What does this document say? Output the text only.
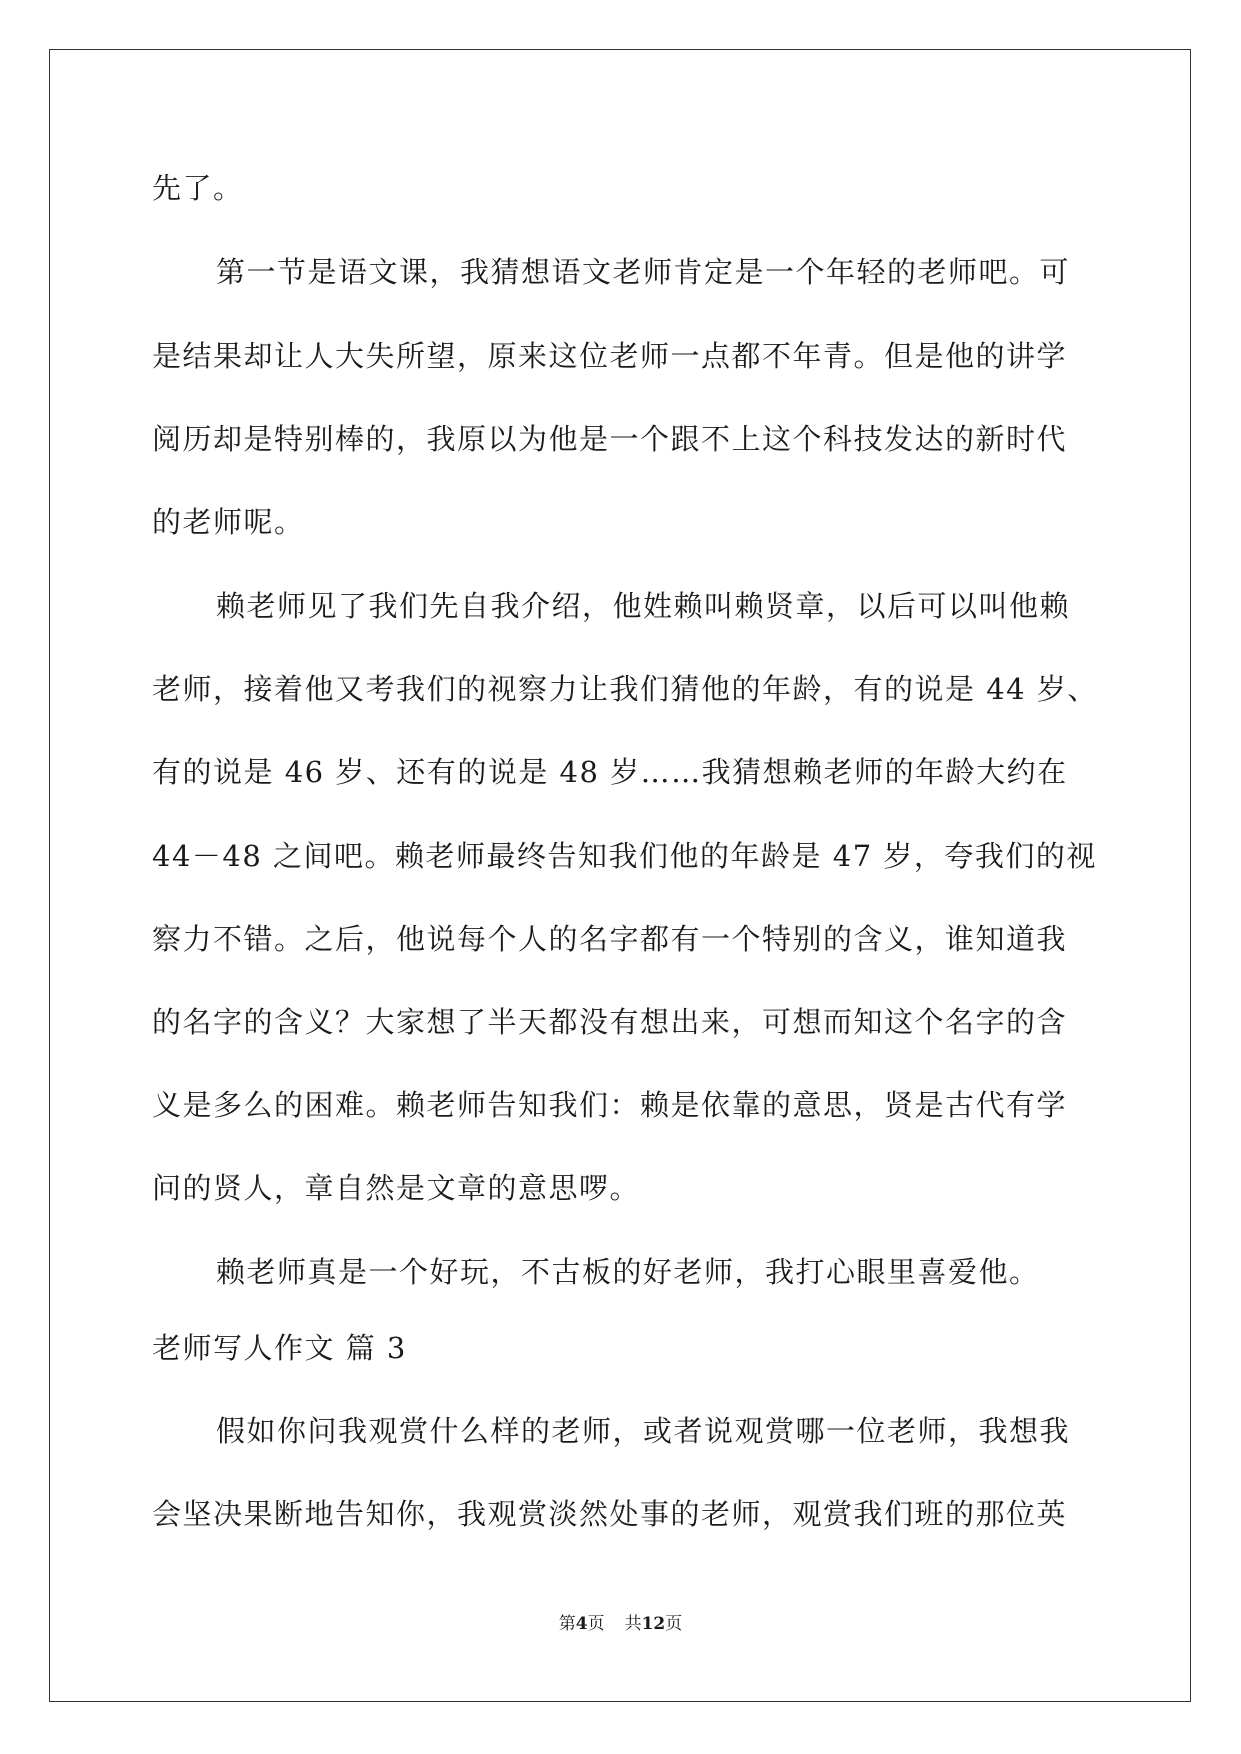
先了。
第一节是语文课，我猜想语文老师肯定是一个年轻的老师吧。可
是结果却让人大失所望，原来这位老师一点都不年青。但是他的讲学
阅历却是特别棒的，我原以为他是一个跟不上这个科技发达的新时代
的老师呢。
赖老师见了我们先自我介绍，他姓赖叫赖贤章，以后可以叫他赖
老师，接着他又考我们的视察力让我们猜他的年龄，有的说是 44 岁、
有的说是 46 岁、还有的说是 48 岁……我猜想赖老师的年龄大约在
44－48 之间吧。赖老师最终告知我们他的年龄是 47 岁，夸我们的视
察力不错。之后，他说每个人的名字都有一个特别的含义，谁知道我
的名字的含义？大家想了半天都没有想出来，可想而知这个名字的含
义是多么的困难。赖老师告知我们：赖是依靠的意思，贤是古代有学
问的贤人，章自然是文章的意思啰。
赖老师真是一个好玩，不古板的好老师，我打心眼里喜爱他。
老师写人作文 篇 3
假如你问我观赏什么样的老师，或者说观赏哪一位老师，我想我
会坚决果断地告知你，我观赏淡然处事的老师，观赏我们班的那位英
第4页 共12页
